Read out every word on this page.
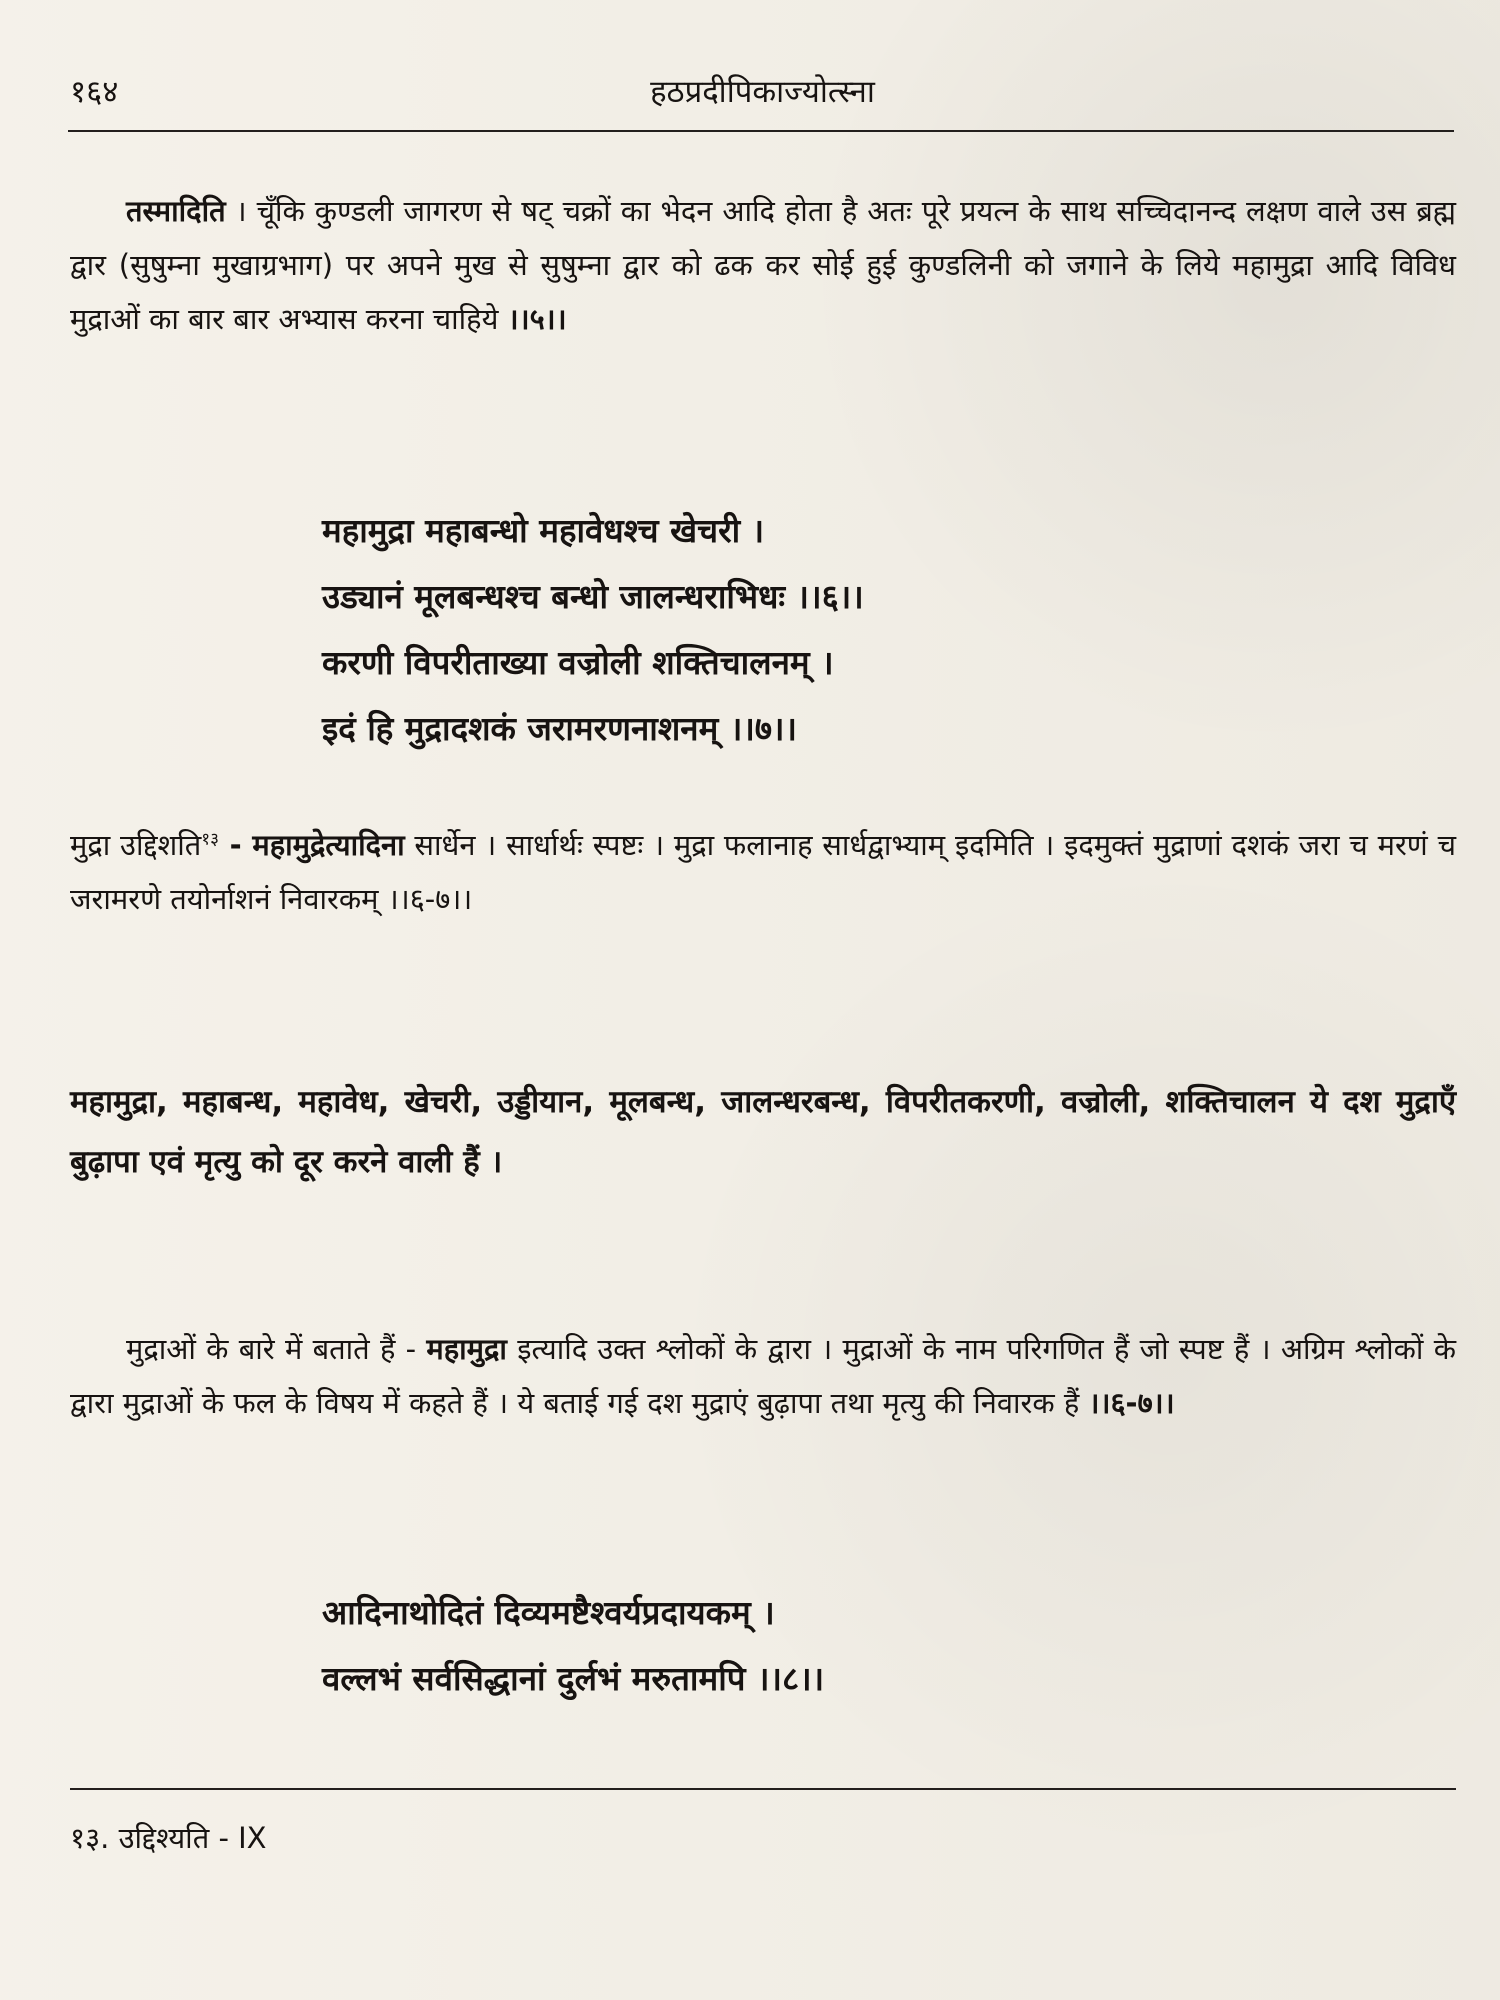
१६४	हठप्रदीपिकाज्योत्स्ना

तस्मादिति । चूँकि कुण्डली जागरण से षट् चक्रों का भेदन आदि होता है अतः पूरे प्रयत्न के साथ सच्चिदानन्द लक्षण वाले उस ब्रह्म द्वार (सुषुम्ना मुखाग्रभाग) पर अपने मुख से सुषुम्ना द्वार को ढक कर सोई हुई कुण्डलिनी को जगाने के लिये महामुद्रा आदि विविध मुद्राओं का बार बार अभ्यास करना चाहिये ।।५।।

महामुद्रा महाबन्धो महावेधश्च खेचरी ।
उड्यानं मूलबन्धश्च बन्धो जालन्धराभिधः ।।६।।
करणी विपरीताख्या वज्रोली शक्तिचालनम् ।
इदं हि मुद्रादशकं जरामरणनाशनम् ।।७।।

मुद्रा उद्दिशति$^{१३}$ - महामुद्रेत्यादिना सार्धेन । सार्धार्थः स्पष्टः । मुद्रा फलानाह सार्धद्वाभ्याम् इदमिति । इदमुक्तं मुद्राणां दशकं जरा च मरणं च जरामरणे तयोर्नाशनं निवारकम् ।।६-७।।

महामुद्रा, महाबन्ध, महावेध, खेचरी, उड्डीयान, मूलबन्ध, जालन्धरबन्ध, विपरीतकरणी, वज्रोली, शक्तिचालन ये दश मुद्राएँ बुढ़ापा एवं मृत्यु को दूर करने वाली हैं ।

मुद्राओं के बारे में बताते हैं - महामुद्रा इत्यादि उक्त श्लोकों के द्वारा । मुद्राओं के नाम परिगणित हैं जो स्पष्ट हैं । अग्रिम श्लोकों के द्वारा मुद्राओं के फल के विषय में कहते हैं । ये बताई गई दश मुद्राएं बुढ़ापा तथा मृत्यु की निवारक हैं ।।६-७।।

आदिनाथोदितं दिव्यमष्टैश्वर्यप्रदायकम् ।
वल्लभं सर्वसिद्धानां दुर्लभं मरुतामपि ।।८।।
१३. उद्दिश्यति - IX
